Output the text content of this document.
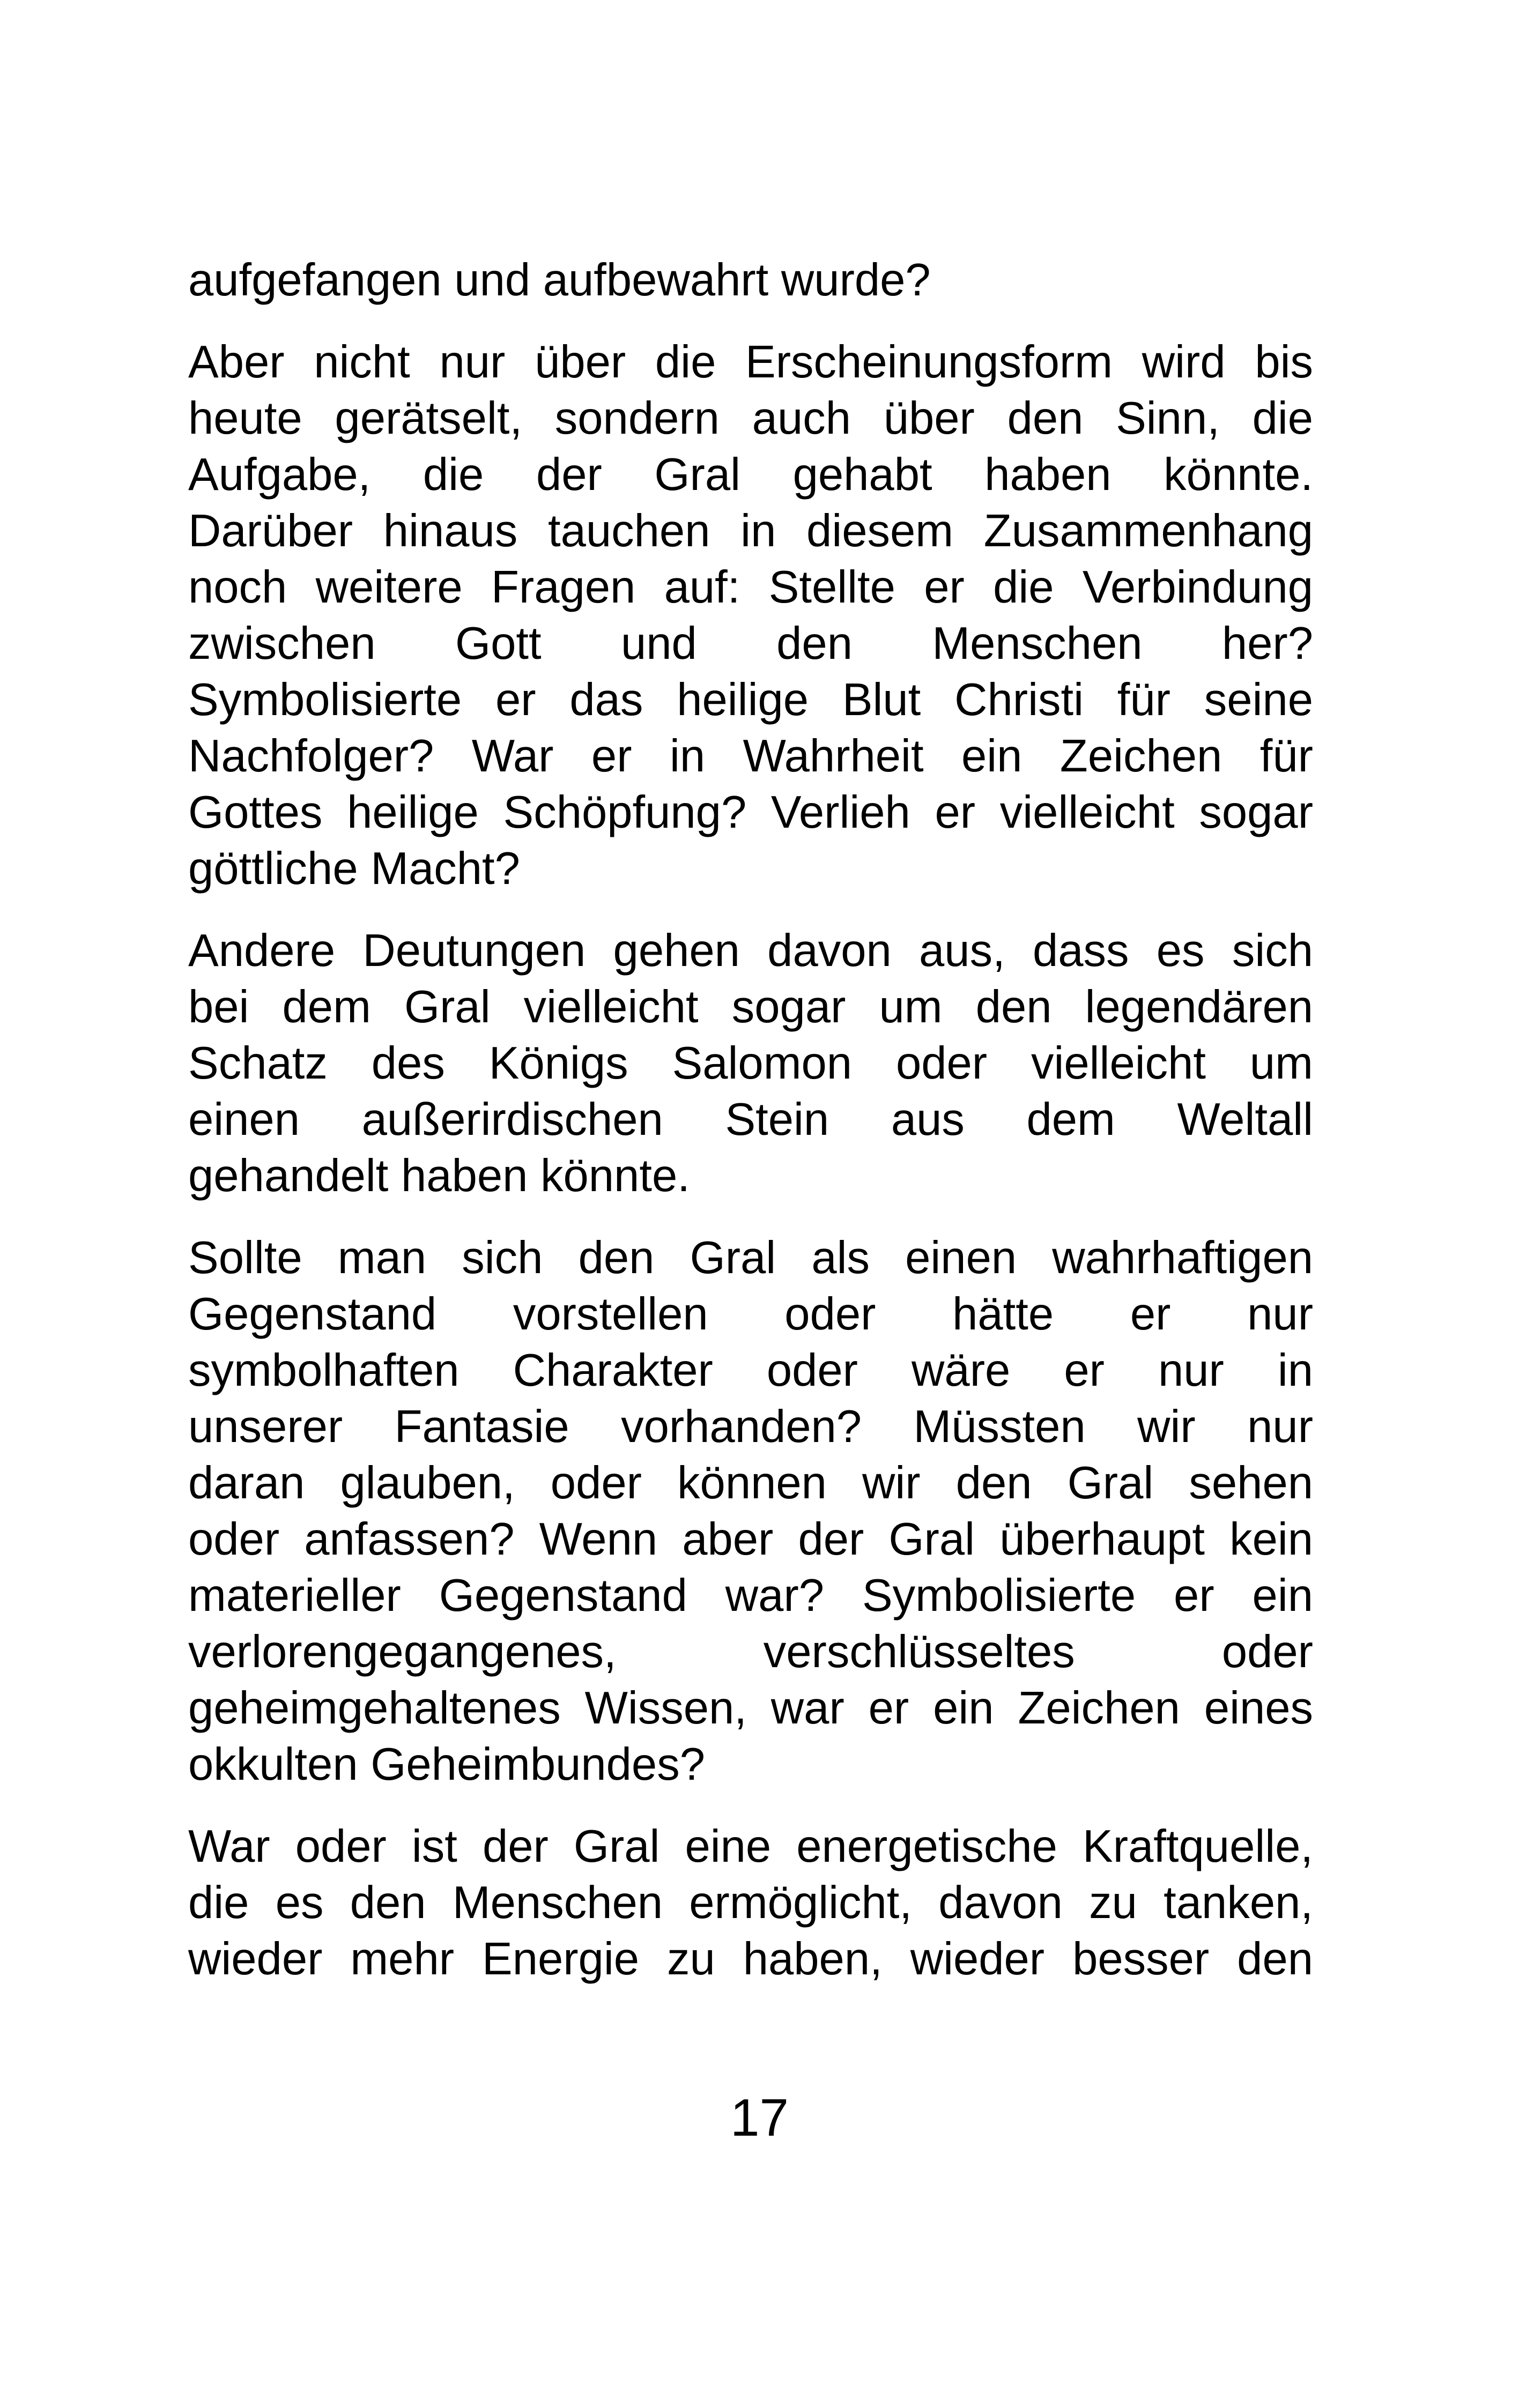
aufgefangen und aufbewahrt wurde?
Aber nicht nur über die Erscheinungsform wird bis
heute gerätselt, sondern auch über den Sinn, die
Aufgabe, die der Gral gehabt haben könnte.
Darüber hinaus tauchen in diesem Zusammenhang
noch weitere Fragen auf: Stellte er die Verbindung
zwischen Gott und den Menschen her?
Symbolisierte er das heilige Blut Christi für seine
Nachfolger? War er in Wahrheit ein Zeichen für
Gottes heilige Schöpfung? Verlieh er vielleicht sogar
göttliche Macht?
Andere Deutungen gehen davon aus, dass es sich
bei dem Gral vielleicht sogar um den legendären
Schatz des Königs Salomon oder vielleicht um
einen außerirdischen Stein aus dem Weltall
gehandelt haben könnte.
Sollte man sich den Gral als einen wahrhaftigen
Gegenstand vorstellen oder hätte er nur
symbolhaften Charakter oder wäre er nur in
unserer Fantasie vorhanden? Müssten wir nur
daran glauben, oder können wir den Gral sehen
oder anfassen? Wenn aber der Gral überhaupt kein
materieller Gegenstand war? Symbolisierte er ein
verlorengegangenes, verschlüsseltes oder
geheimgehaltenes Wissen, war er ein Zeichen eines
okkulten Geheimbundes?
War oder ist der Gral eine energetische Kraftquelle,
die es den Menschen ermöglicht, davon zu tanken,
wieder mehr Energie zu haben, wieder besser den
17
